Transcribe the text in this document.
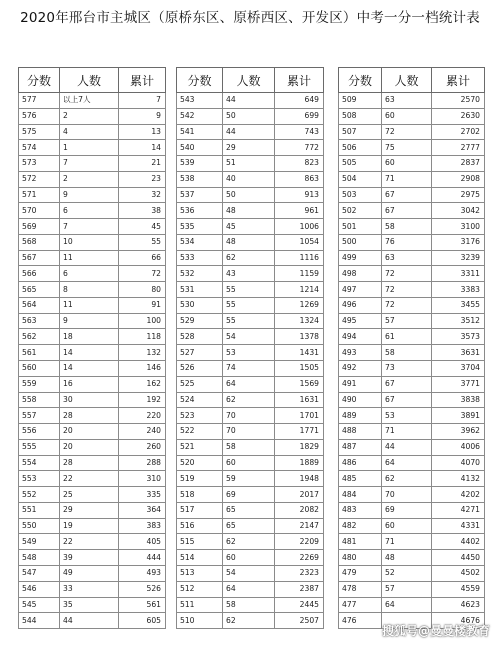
2020年邢台市主城区（原桥东区、原桥西区、开发区）中考一分一档统计表
分数	人数	累计
577	以上7人	7
576	2	9
575	4	13
574	1	14
573	7	21
572	2	23
571	9	32
570	6	38
569	7	45
568	10	55
567	11	66
566	6	72
565	8	80
564	11	91
563	9	100
562	18	118
561	14	132
560	14	146
559	16	162
558	30	192
557	28	220
556	20	240
555	20	260
554	28	288
553	22	310
552	25	335
551	29	364
550	19	383
549	22	405
548	39	444
547	49	493
546	33	526
545	35	561
544	44	605
分数	人数	累计
543	44	649
542	50	699
541	44	743
540	29	772
539	51	823
538	40	863
537	50	913
536	48	961
535	45	1006
534	48	1054
533	62	1116
532	43	1159
531	55	1214
530	55	1269
529	55	1324
528	54	1378
527	53	1431
526	74	1505
525	64	1569
524	62	1631
523	70	1701
522	70	1771
521	58	1829
520	60	1889
519	59	1948
518	69	2017
517	65	2082
516	65	2147
515	62	2209
514	60	2269
513	54	2323
512	64	2387
511	58	2445
510	62	2507
分数	人数	累计
509	63	2570
508	60	2630
507	72	2702
506	75	2777
505	60	2837
504	71	2908
503	67	2975
502	67	3042
501	58	3100
500	76	3176
499	63	3239
498	72	3311
497	72	3383
496	72	3455
495	57	3512
494	61	3573
493	58	3631
492	73	3704
491	67	3771
490	67	3838
489	53	3891
488	71	3962
487	44	4006
486	64	4070
485	62	4132
484	70	4202
483	69	4271
482	60	4331
481	71	4402
480	48	4450
479	52	4502
478	57	4559
477	64	4623
476		4676
搜狐号@曼曼楼教育
